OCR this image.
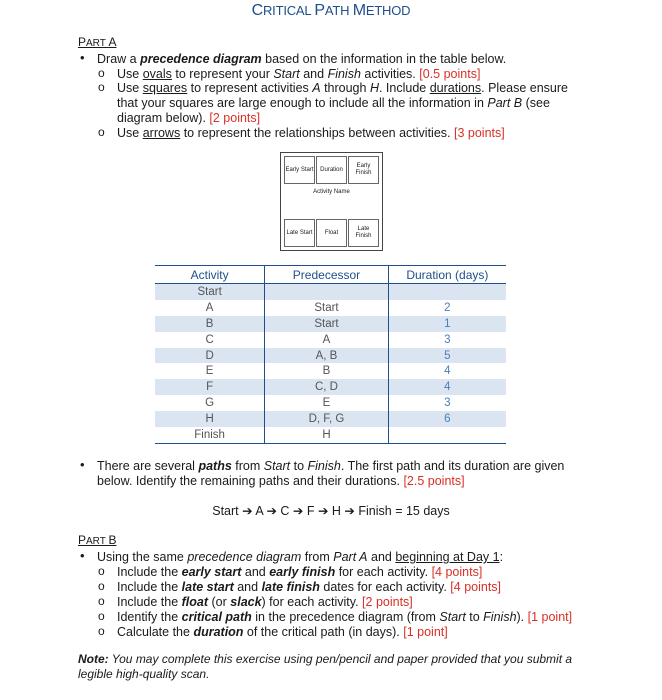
CRITICAL PATH METHOD
PART A
• Draw a precedence diagram based on the information in the table below.
o Use ovals to represent your Start and Finish activities. [0.5 points]
o Use squares to represent activities A through H. Include durations. Please ensure that your squares are large enough to include all the information in Part B (see diagram below). [2 points]
o Use arrows to represent the relationships between activities. [3 points]
Early Start	Duration
Early Finish
Activity Name
Late Start	Float
Late Finish
Activity	Predecessor	Duration (days)
Start		
A	Start	2
B	Start	1
C	A	3
D	A, B	5
E	B	4
F	C, D	4
G	E	3
H	D, F, G	6
Finish	H	
• There are several paths from Start to Finish. The first path and its duration are given below. Identify the remaining paths and their durations. [2.5 points]
Start ➔ A ➔ C ➔ F ➔ H ➔ Finish = 15 days
PART B
• Using the same precedence diagram from Part A and beginning at Day 1:
o Include the early start and early finish for each activity. [4 points]
o Include the late start and late finish dates for each activity. [4 points]
o Include the float (or slack) for each activity. [2 points]
o Identify the critical path in the precedence diagram (from Start to Finish). [1 point]
o Calculate the duration of the critical path (in days). [1 point]
Note: You may complete this exercise using pen/pencil and paper provided that you submit a legible high-quality scan.
